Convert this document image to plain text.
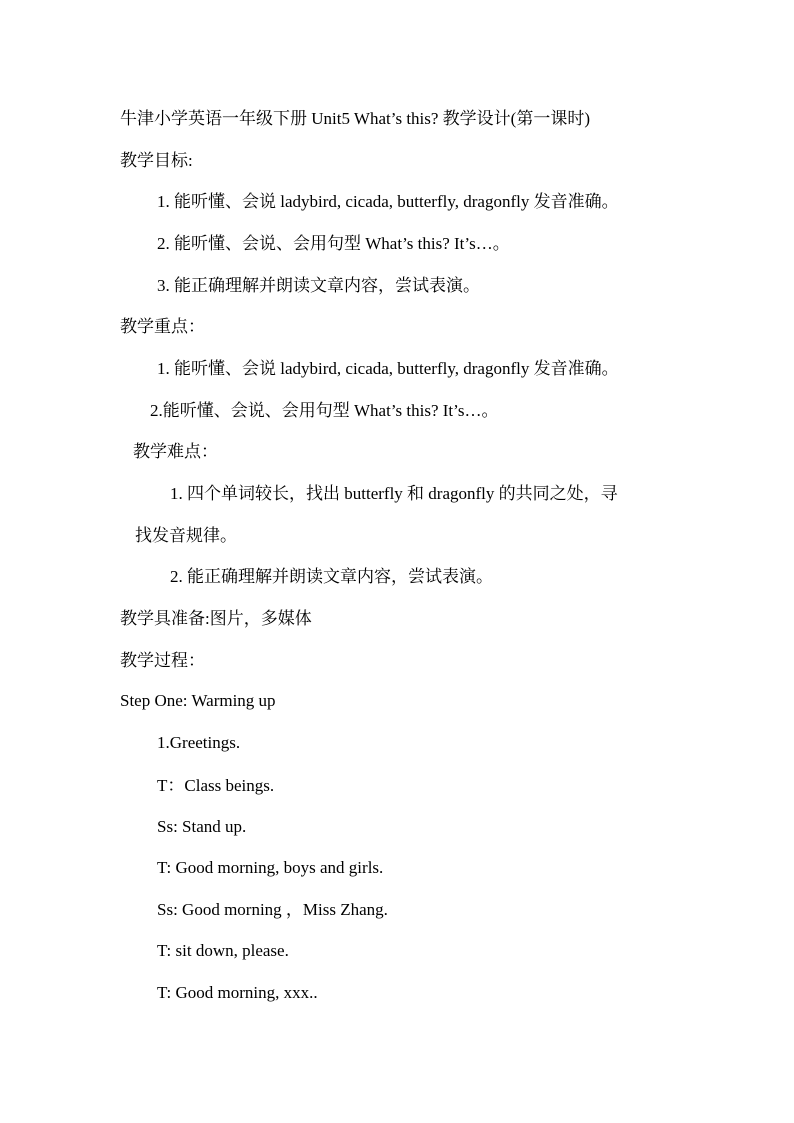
牛津小学英语一年级下册 Unit5 What’s this? 教学设计(第一课时)
教学目标:
1. 能听懂、会说 ladybird, cicada, butterfly, dragonfly 发音准确。
2. 能听懂、会说、会用句型 What’s this? It’s…。
3. 能正确理解并朗读文章内容，尝试表演。
教学重点：
1. 能听懂、会说 ladybird, cicada, butterfly, dragonfly 发音准确。
2.能听懂、会说、会用句型 What’s this? It’s…。
教学难点：
1. 四个单词较长，找出 butterfly 和 dragonfly 的共同之处，寻
找发音规律。
2. 能正确理解并朗读文章内容，尝试表演。
教学具准备:图片，多媒体
教学过程：
Step One: Warming up
1.Greetings.
T：Class beings.
Ss: Stand up.
T: Good morning, boys and girls.
Ss: Good morning ，Miss Zhang.
T: sit down, please.
T: Good morning, xxx..
